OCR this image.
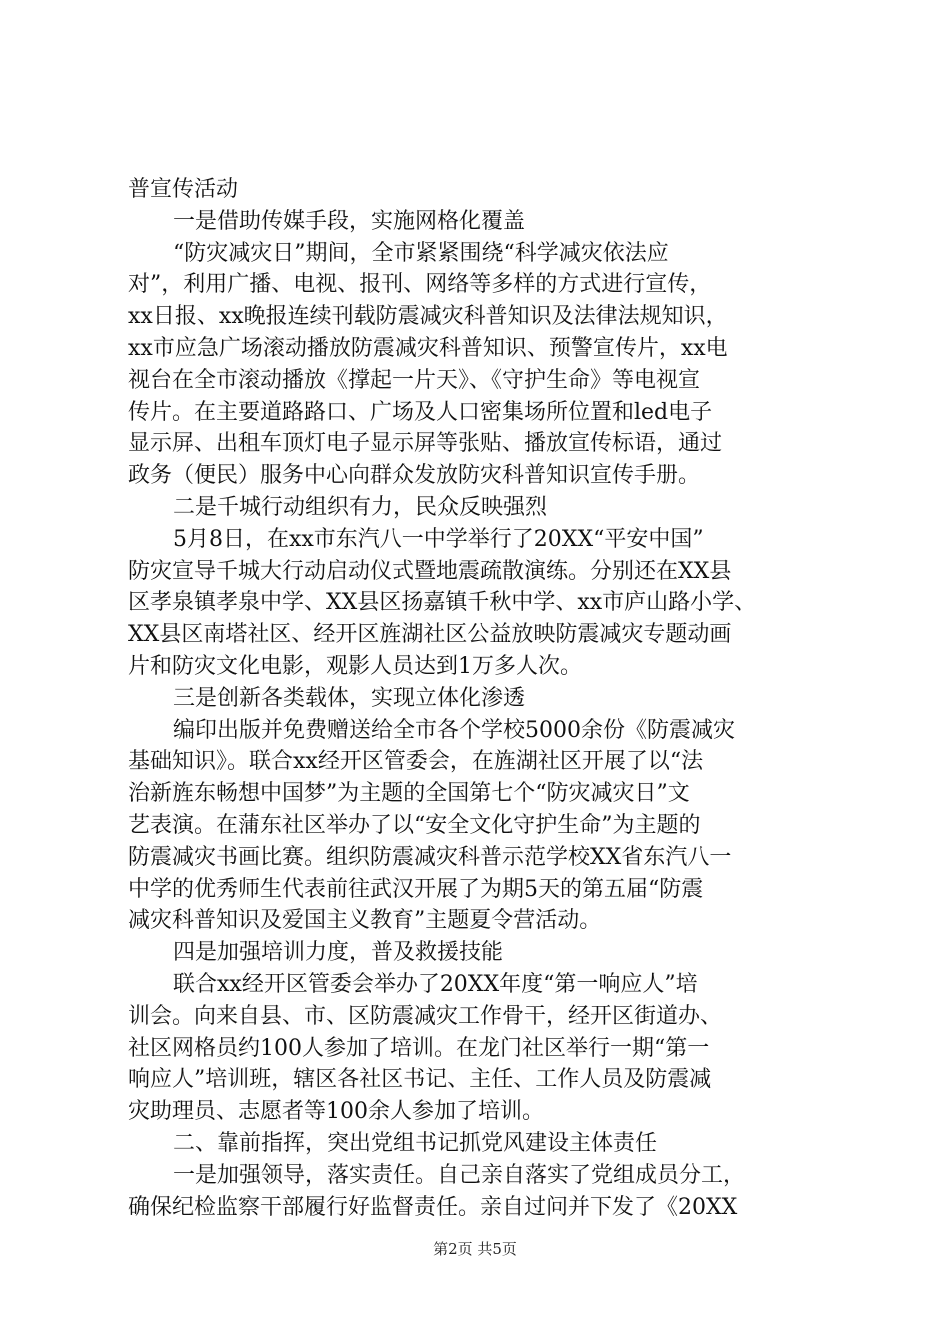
普宣传活动

一是借助传媒手段，实施网格化覆盖

“防灾减灾日”期间，全市紧紧围绕“科学减灾依法应

对”，利用广播、电视、报刊、网络等多样的方式进行宣传，

xx日报、xx晚报连续刊载防震减灾科普知识及法律法规知识，

xx市应急广场滚动播放防震减灾科普知识、预警宣传片，xx电

视台在全市滚动播放《撑起一片天》、《守护生命》等电视宣

传片。在主要道路路口、广场及人口密集场所位置和led电子

显示屏、出租车顶灯电子显示屏等张贴、播放宣传标语，通过

政务（便民）服务中心向群众发放防灾科普知识宣传手册。

二是千城行动组织有力，民众反映强烈

5月8日，在xx市东汽八一中学举行了20XX“平安中国”

防灾宣导千城大行动启动仪式暨地震疏散演练。分别还在XX县

区孝泉镇孝泉中学、XX县区扬嘉镇千秋中学、xx市庐山路小学、

XX县区南塔社区、经开区旌湖社区公益放映防震减灾专题动画

片和防灾文化电影，观影人员达到1万多人次。

三是创新各类载体，实现立体化渗透

编印出版并免费赠送给全市各个学校5000余份《防震减灾

基础知识》。联合xx经开区管委会，在旌湖社区开展了以“法

治新旌东畅想中国梦”为主题的全国第七个“防灾减灾日”文

艺表演。在蒲东社区举办了以“安全文化守护生命”为主题的

防震减灾书画比赛。组织防震减灾科普示范学校XX省东汽八一

中学的优秀师生代表前往武汉开展了为期5天的第五届“防震

减灾科普知识及爱国主义教育”主题夏令营活动。

四是加强培训力度，普及救援技能

联合xx经开区管委会举办了20XX年度“第一响应人”培

训会。向来自县、市、区防震减灾工作骨干，经开区街道办、

社区网格员约100人参加了培训。在龙门社区举行一期“第一

响应人”培训班，辖区各社区书记、主任、工作人员及防震减

灾助理员、志愿者等100余人参加了培训。

二、靠前指挥，突出党组书记抓党风建设主体责任

一是加强领导，落实责任。自己亲自落实了党组成员分工，

确保纪检监察干部履行好监督责任。亲自过问并下发了《20XX

第2页 共5页
